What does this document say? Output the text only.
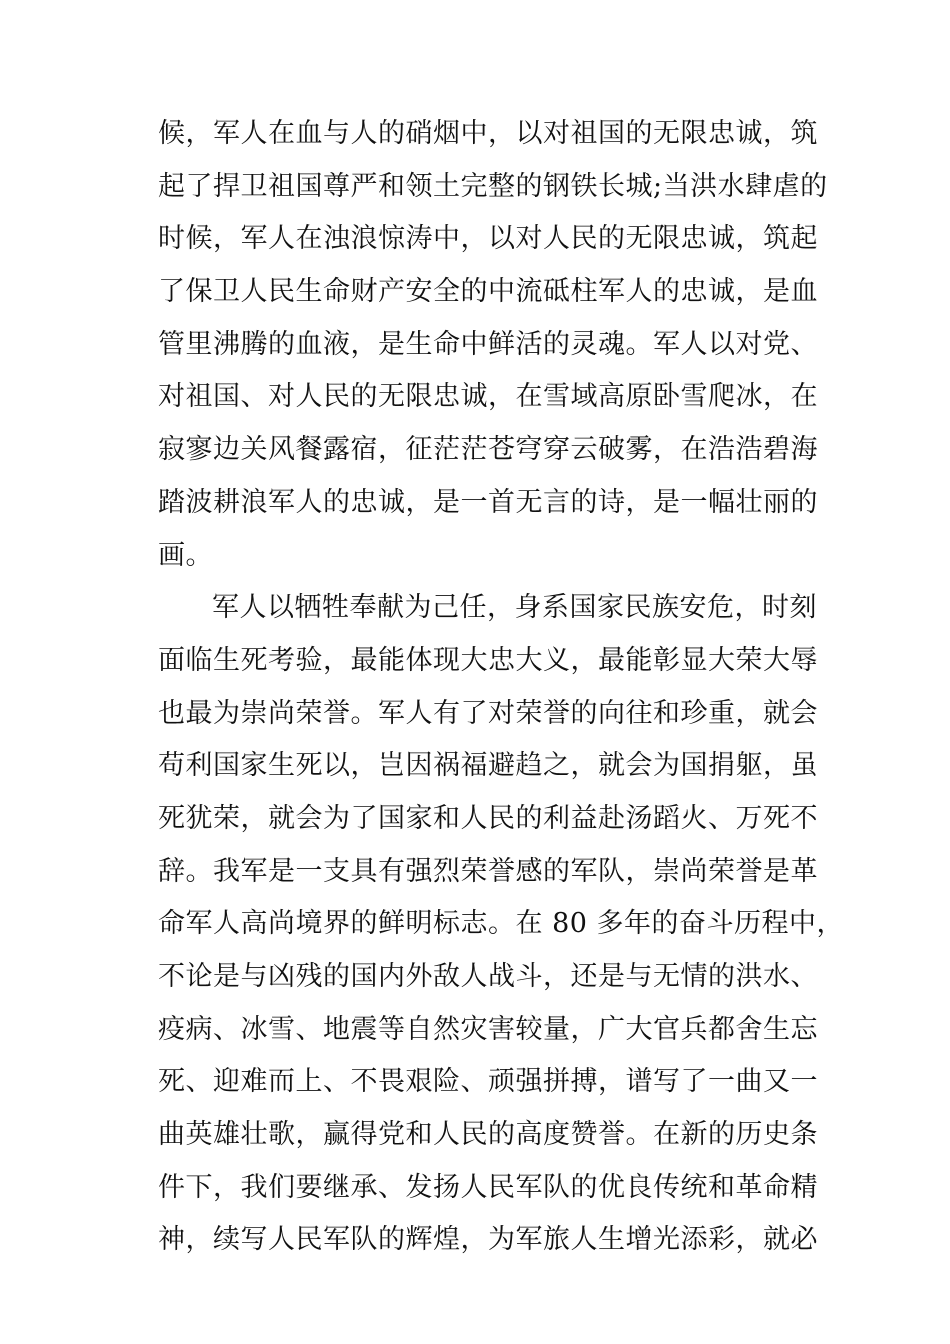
候，军人在血与人的硝烟中，以对祖国的无限忠诚，筑
起了捍卫祖国尊严和领土完整的钢铁长城;当洪水肆虐的
时候，军人在浊浪惊涛中，以对人民的无限忠诚，筑起
了保卫人民生命财产安全的中流砥柱军人的忠诚，是血
管里沸腾的血液，是生命中鲜活的灵魂。军人以对党、
对祖国、对人民的无限忠诚，在雪域高原卧雪爬冰，在
寂寥边关风餐露宿，征茫茫苍穹穿云破雾，在浩浩碧海
踏波耕浪军人的忠诚，是一首无言的诗，是一幅壮丽的
画。
军人以牺牲奉献为己任，身系国家民族安危，时刻
面临生死考验，最能体现大忠大义，最能彰显大荣大辱
也最为崇尚荣誉。军人有了对荣誉的向往和珍重，就会
苟利国家生死以，岂因祸福避趋之，就会为国捐躯，虽
死犹荣，就会为了国家和人民的利益赴汤蹈火、万死不
辞。我军是一支具有强烈荣誉感的军队，崇尚荣誉是革
命军人高尚境界的鲜明标志。在 80 多年的奋斗历程中，
不论是与凶残的国内外敌人战斗，还是与无情的洪水、
疫病、冰雪、地震等自然灾害较量，广大官兵都舍生忘
死、迎难而上、不畏艰险、顽强拼搏，谱写了一曲又一
曲英雄壮歌，赢得党和人民的高度赞誉。在新的历史条
件下，我们要继承、发扬人民军队的优良传统和革命精
神，续写人民军队的辉煌，为军旅人生增光添彩，就必
